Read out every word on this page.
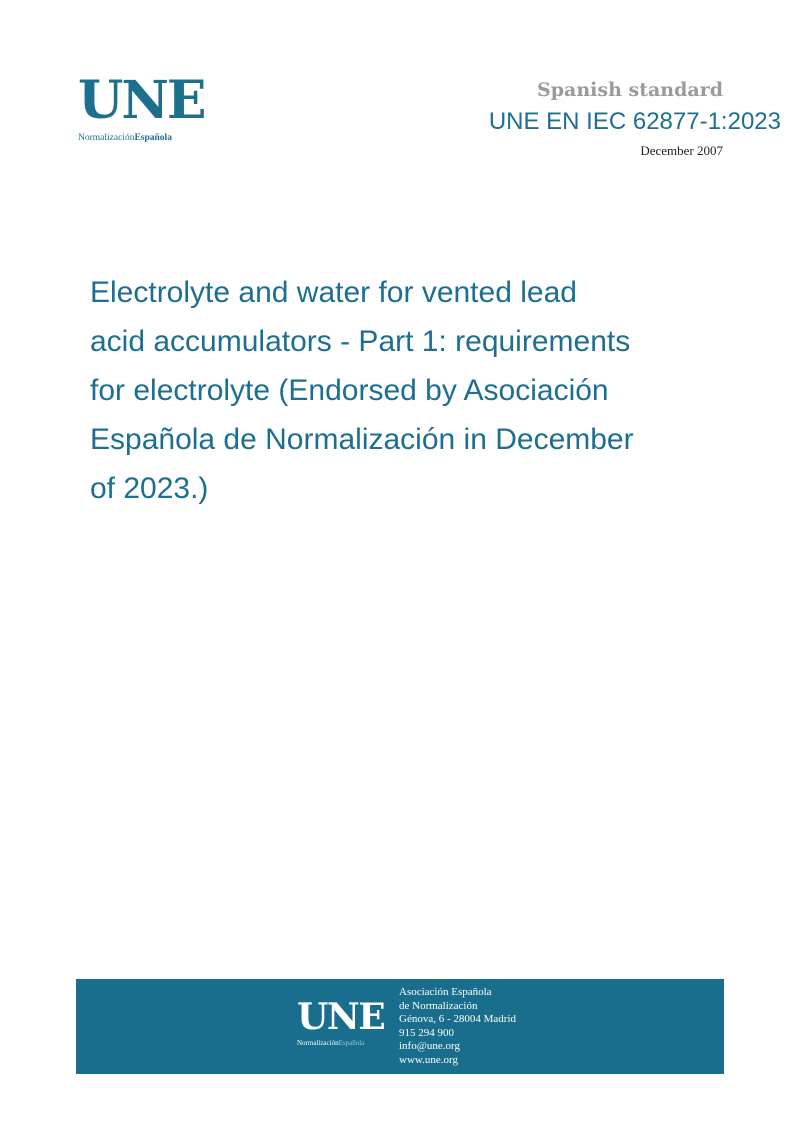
UNE
NormalizaciónEspañola
Spanish standard
UNE EN IEC 62877-1:2023
December 2007
Electrolyte and water for vented lead
acid accumulators - Part 1: requirements
for electrolyte (Endorsed by Asociación
Española de Normalización in December
of 2023.)
UNE
NormalizaciónEspañola
Asociación Española
de Normalización
Génova, 6 - 28004 Madrid
915 294 900
info@une.org
www.une.org
